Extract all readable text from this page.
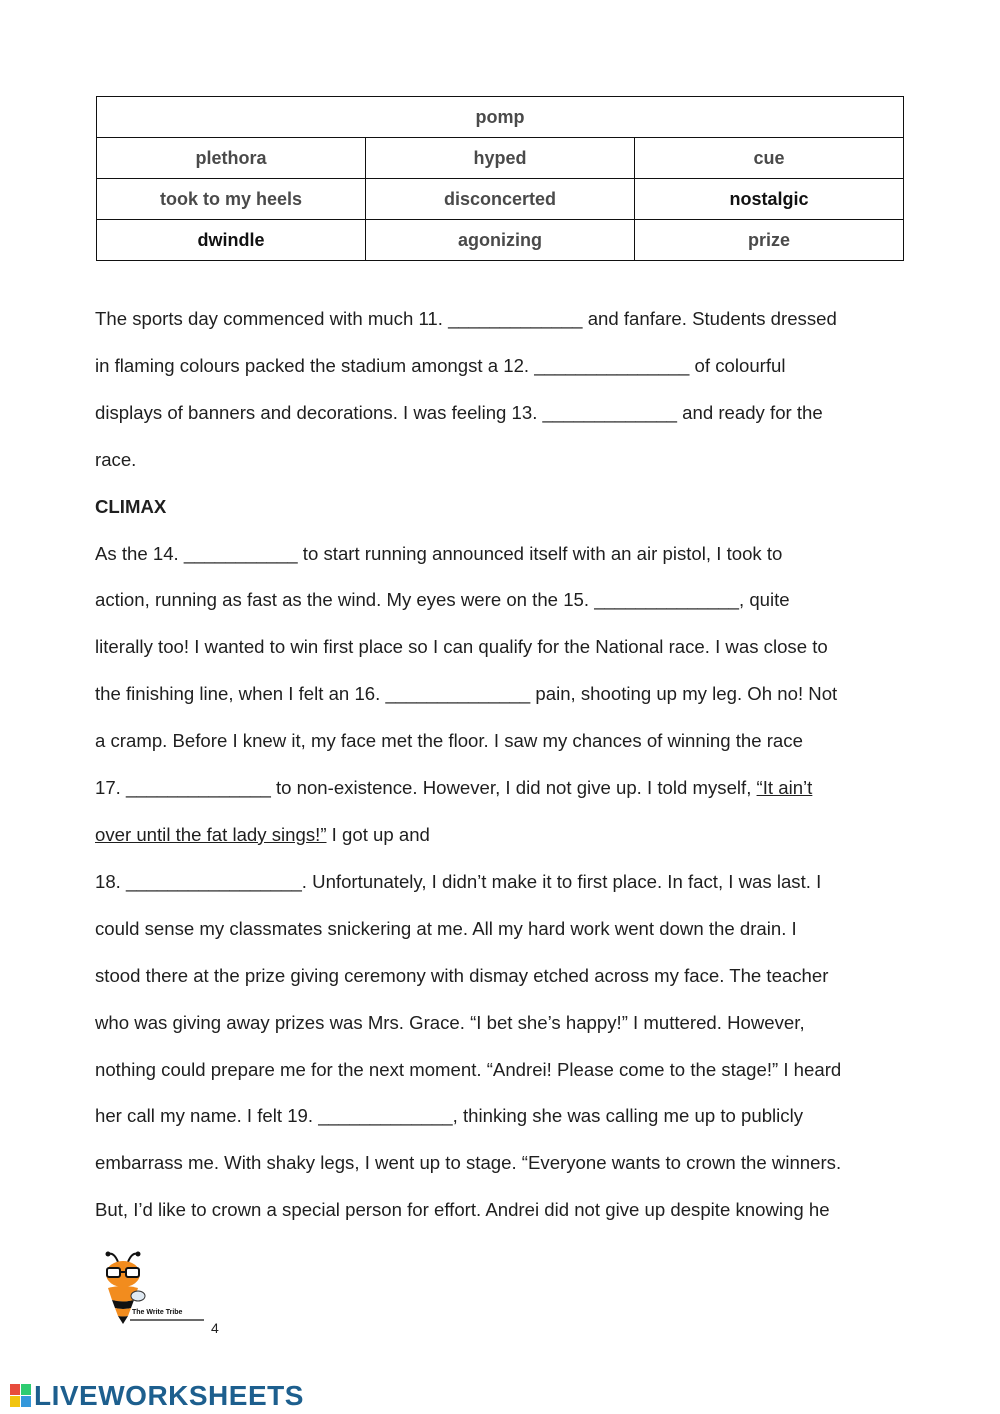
pomp		
plethora	hyped	cue
took to my heels	disconcerted	nostalgic
dwindle	agonizing	prize

The sports day commenced with much 11. _____________ and fanfare. Students dressed

in flaming colours packed the stadium amongst a 12. _______________ of colourful

displays of banners and decorations. I was feeling 13. _____________ and ready for the

race.

CLIMAX

As the 14. ___________ to start running announced itself with an air pistol, I took to

action, running as fast as the wind. My eyes were on the 15. ______________, quite

literally too! I wanted to win first place so I can qualify for the National race. I was close to

the finishing line, when I felt an 16. ______________ pain, shooting up my leg. Oh no! Not

a cramp. Before I knew it, my face met the floor. I saw my chances of winning the race

17. ______________ to non-existence. However, I did not give up. I told myself, “It ain’t

over until the fat lady sings!” I got up and

18. _________________. Unfortunately, I didn’t make it to first place. In fact, I was last. I

could sense my classmates snickering at me. All my hard work went down the drain. I

stood there at the prize giving ceremony with dismay etched across my face. The teacher

who was giving away prizes was Mrs. Grace. “I bet she’s happy!” I muttered. However,

nothing could prepare me for the next moment. “Andrei! Please come to the stage!” I heard

her call my name. I felt 19. _____________, thinking she was calling me up to publicly

embarrass me. With shaky legs, I went up to stage. “Everyone wants to crown the winners.

But, I’d like to crown a special person for effort. Andrei did not give up despite knowing he

The Write Tribe
4
LIVEWORKSHEETS
